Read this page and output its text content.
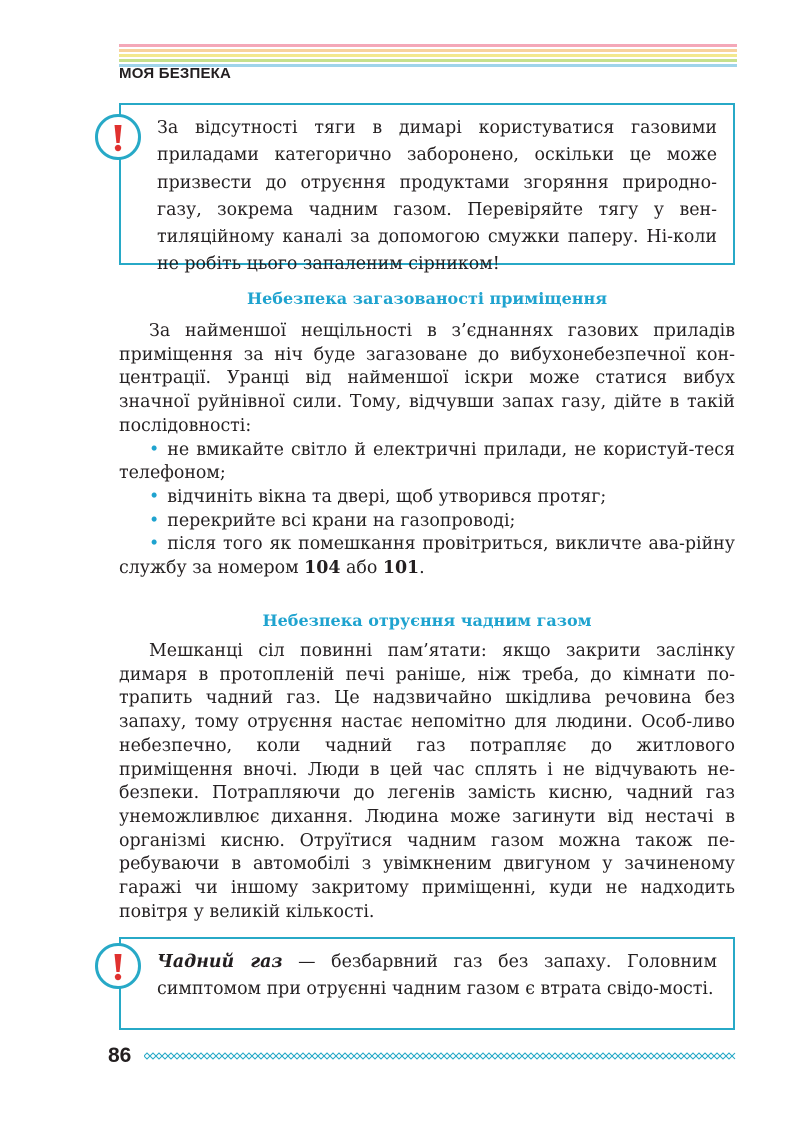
МОЯ БЕЗПЕКА
За відсутності тяги в димарі користуватися газовими приладами категорично заборонено, оскільки це може призвести до отруєння продуктами згоряння природно-газу, зокрема чадним газом. Перевіряйте тягу у вен-тиляційному каналі за допомогою смужки паперу. Ні-коли не робіть цього запаленим сірником!
Небезпека загазованості приміщення
За найменшої нещільності в з’єднаннях газових приладів приміщення за ніч буде загазоване до вибухонебезпечної кон-центрації. Уранці від найменшої іскри може статися вибух значної руйнівної сили. Тому, відчувши запах газу, дійте в такій послідовності:
• не вмикайте світло й електричні прилади, не користуй-теся телефоном;
• відчиніть вікна та двері, щоб утворився протяг;
• перекрийте всі крани на газопроводі;
• після того як помешкання провітриться, викличте ава-рійну службу за номером 104 або 101.
Небезпека отруєння чадним газом
Мешканці сіл повинні пам’ятати: якщо закрити заслінку димаря в протопленій печі раніше, ніж треба, до кімнати по-трапить чадний газ. Це надзвичайно шкідлива речовина без запаху, тому отруєння настає непомітно для людини. Особ-ливо небезпечно, коли чадний газ потрапляє до житлового приміщення вночі. Люди в цей час сплять і не відчувають не-безпеки. Потрапляючи до легенів замість кисню, чадний газ унеможливлює дихання. Людина може загинути від нестачі в організмі кисню. Отруїтися чадним газом можна також пе-ребуваючи в автомобілі з увімкненим двигуном у зачиненому гаражі чи іншому закритому приміщенні, куди не надходить повітря у великій кількості.
Чадний газ — безбарвний газ без запаху. Головним симптомом при отруєнні чадним газом є втрата свідо-мості.
86
